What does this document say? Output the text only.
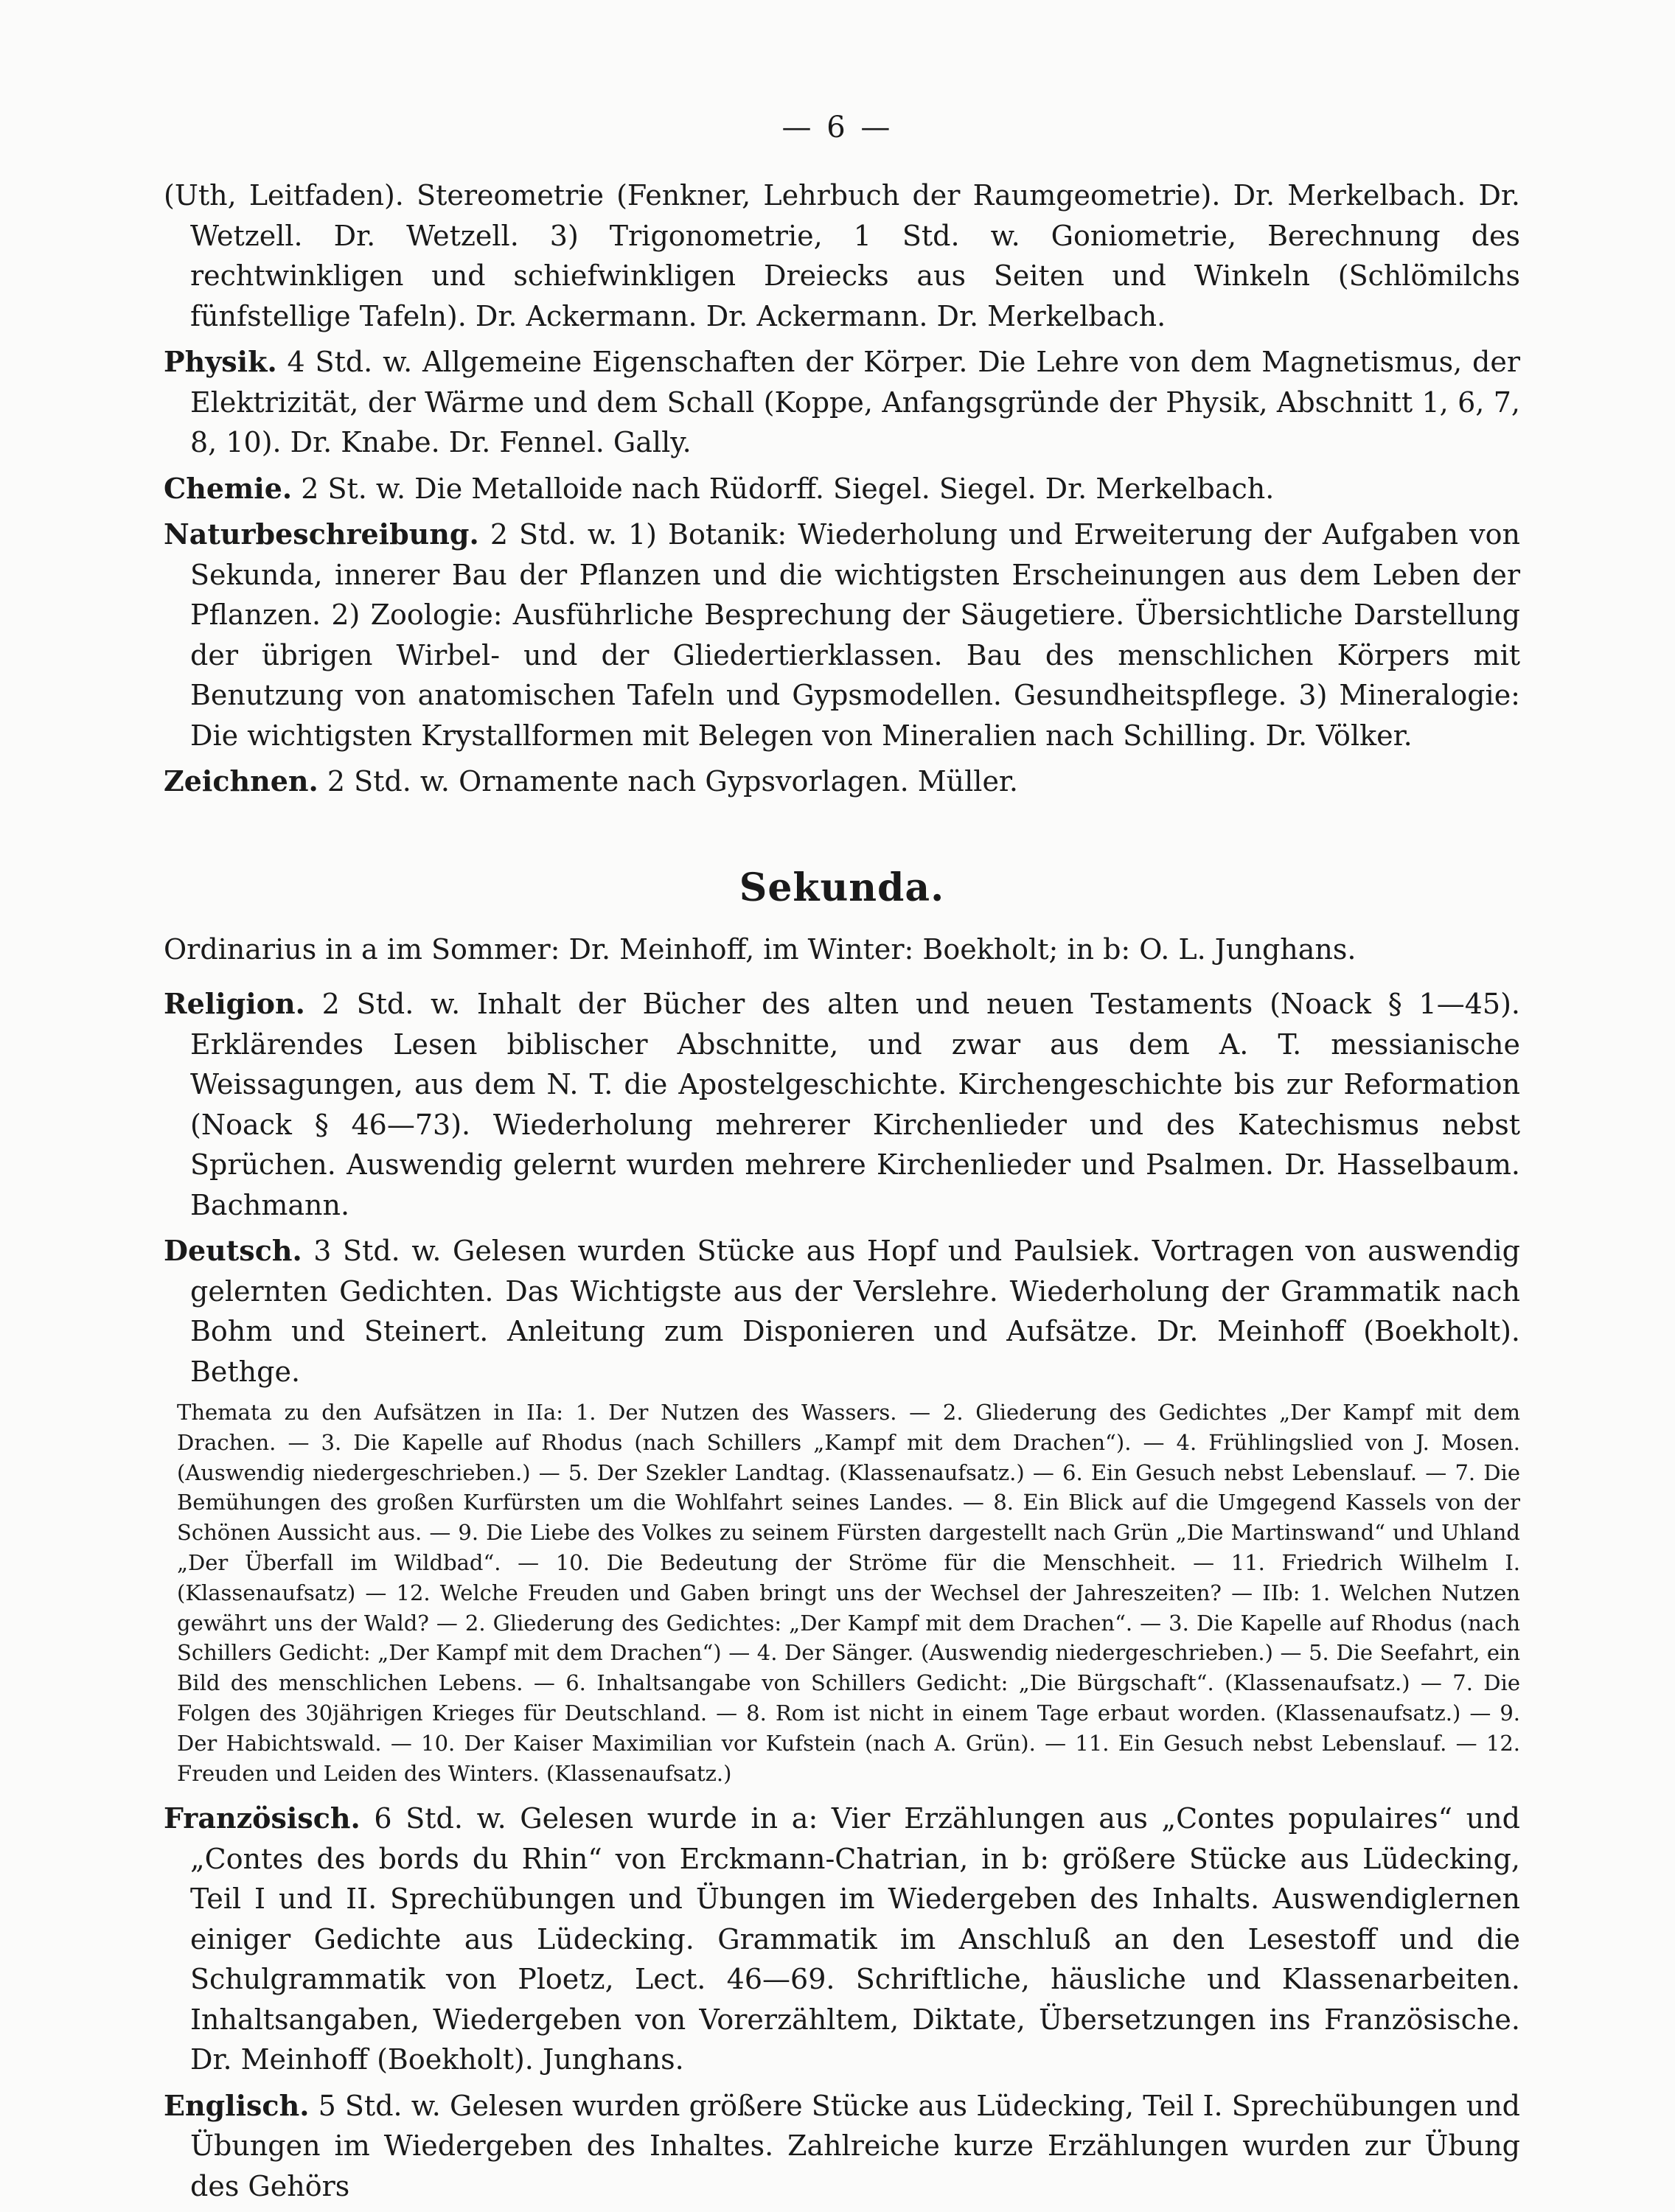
— 6 —

(Uth, Leitfaden). Stereometrie (Fenkner, Lehrbuch der Raumgeometrie). Dr. Merkelbach. Dr. Wetzell. Dr. Wetzell. 3) Trigonometrie, 1 Std. w. Goniometrie, Berechnung des rechtwinkligen und schiefwinkligen Dreiecks aus Seiten und Winkeln (Schlömilchs fünfstellige Tafeln). Dr. Ackermann. Dr. Ackermann. Dr. Merkelbach.

Physik. 4 Std. w. Allgemeine Eigenschaften der Körper. Die Lehre von dem Magnetismus, der Elektrizität, der Wärme und dem Schall (Koppe, Anfangsgründe der Physik, Abschnitt 1, 6, 7, 8, 10). Dr. Knabe. Dr. Fennel. Gally.

Chemie. 2 St. w. Die Metalloide nach Rüdorff. Siegel. Siegel. Dr. Merkelbach.

Naturbeschreibung. 2 Std. w. 1) Botanik: Wiederholung und Erweiterung der Aufgaben von Sekunda, innerer Bau der Pflanzen und die wichtigsten Erscheinungen aus dem Leben der Pflanzen. 2) Zoologie: Ausführliche Besprechung der Säugetiere. Übersichtliche Darstellung der übrigen Wirbel- und der Gliedertierklassen. Bau des menschlichen Körpers mit Benutzung von anatomischen Tafeln und Gypsmodellen. Gesundheitspflege. 3) Mineralogie: Die wichtigsten Krystallformen mit Belegen von Mineralien nach Schilling. Dr. Völker.

Zeichnen. 2 Std. w. Ornamente nach Gypsvorlagen. Müller.

Sekunda.

Ordinarius in a im Sommer: Dr. Meinhoff, im Winter: Boekholt; in b: O. L. Junghans.

Religion. 2 Std. w. Inhalt der Bücher des alten und neuen Testaments (Noack § 1—45). Erklärendes Lesen biblischer Abschnitte, und zwar aus dem A. T. messianische Weissagungen, aus dem N. T. die Apostelgeschichte. Kirchengeschichte bis zur Reformation (Noack § 46—73). Wiederholung mehrerer Kirchenlieder und des Katechismus nebst Sprüchen. Auswendig gelernt wurden mehrere Kirchenlieder und Psalmen. Dr. Hasselbaum. Bachmann.

Deutsch. 3 Std. w. Gelesen wurden Stücke aus Hopf und Paulsiek. Vortragen von auswendig gelernten Gedichten. Das Wichtigste aus der Verslehre. Wiederholung der Grammatik nach Bohm und Steinert. Anleitung zum Disponieren und Aufsätze. Dr. Meinhoff (Boekholt). Bethge.

Themata zu den Aufsätzen in IIa: 1. Der Nutzen des Wassers. — 2. Gliederung des Gedichtes „Der Kampf mit dem Drachen. — 3. Die Kapelle auf Rhodus (nach Schillers „Kampf mit dem Drachen“). — 4. Frühlingslied von J. Mosen. (Auswendig niedergeschrieben.) — 5. Der Szekler Landtag. (Klassenaufsatz.) — 6. Ein Gesuch nebst Lebenslauf. — 7. Die Bemühungen des großen Kurfürsten um die Wohlfahrt seines Landes. — 8. Ein Blick auf die Umgegend Kassels von der Schönen Aussicht aus. — 9. Die Liebe des Volkes zu seinem Fürsten dargestellt nach Grün „Die Martinswand“ und Uhland „Der Überfall im Wildbad“. — 10. Die Bedeutung der Ströme für die Menschheit. — 11. Friedrich Wilhelm I. (Klassenaufsatz) — 12. Welche Freuden und Gaben bringt uns der Wechsel der Jahreszeiten? — IIb: 1. Welchen Nutzen gewährt uns der Wald? — 2. Gliederung des Gedichtes: „Der Kampf mit dem Drachen“. — 3. Die Kapelle auf Rhodus (nach Schillers Gedicht: „Der Kampf mit dem Drachen“) — 4. Der Sänger. (Auswendig niedergeschrieben.) — 5. Die Seefahrt, ein Bild des menschlichen Lebens. — 6. Inhaltsangabe von Schillers Gedicht: „Die Bürgschaft“. (Klassenaufsatz.) — 7. Die Folgen des 30jährigen Krieges für Deutschland. — 8. Rom ist nicht in einem Tage erbaut worden. (Klassenaufsatz.) — 9. Der Habichtswald. — 10. Der Kaiser Maximilian vor Kufstein (nach A. Grün). — 11. Ein Gesuch nebst Lebenslauf. — 12. Freuden und Leiden des Winters. (Klassenaufsatz.)

Französisch. 6 Std. w. Gelesen wurde in a: Vier Erzählungen aus „Contes populaires“ und „Contes des bords du Rhin“ von Erckmann-Chatrian, in b: größere Stücke aus Lüdecking, Teil I und II. Sprechübungen und Übungen im Wiedergeben des Inhalts. Auswendiglernen einiger Gedichte aus Lüdecking. Grammatik im Anschluß an den Lesestoff und die Schulgrammatik von Ploetz, Lect. 46—69. Schriftliche, häusliche und Klassenarbeiten. Inhaltsangaben, Wiedergeben von Vorerzähltem, Diktate, Übersetzungen ins Französische. Dr. Meinhoff (Boekholt). Junghans.

Englisch. 5 Std. w. Gelesen wurden größere Stücke aus Lüdecking, Teil I. Sprechübungen und Übungen im Wiedergeben des Inhaltes. Zahlreiche kurze Erzählungen wurden zur Übung des Gehörs
